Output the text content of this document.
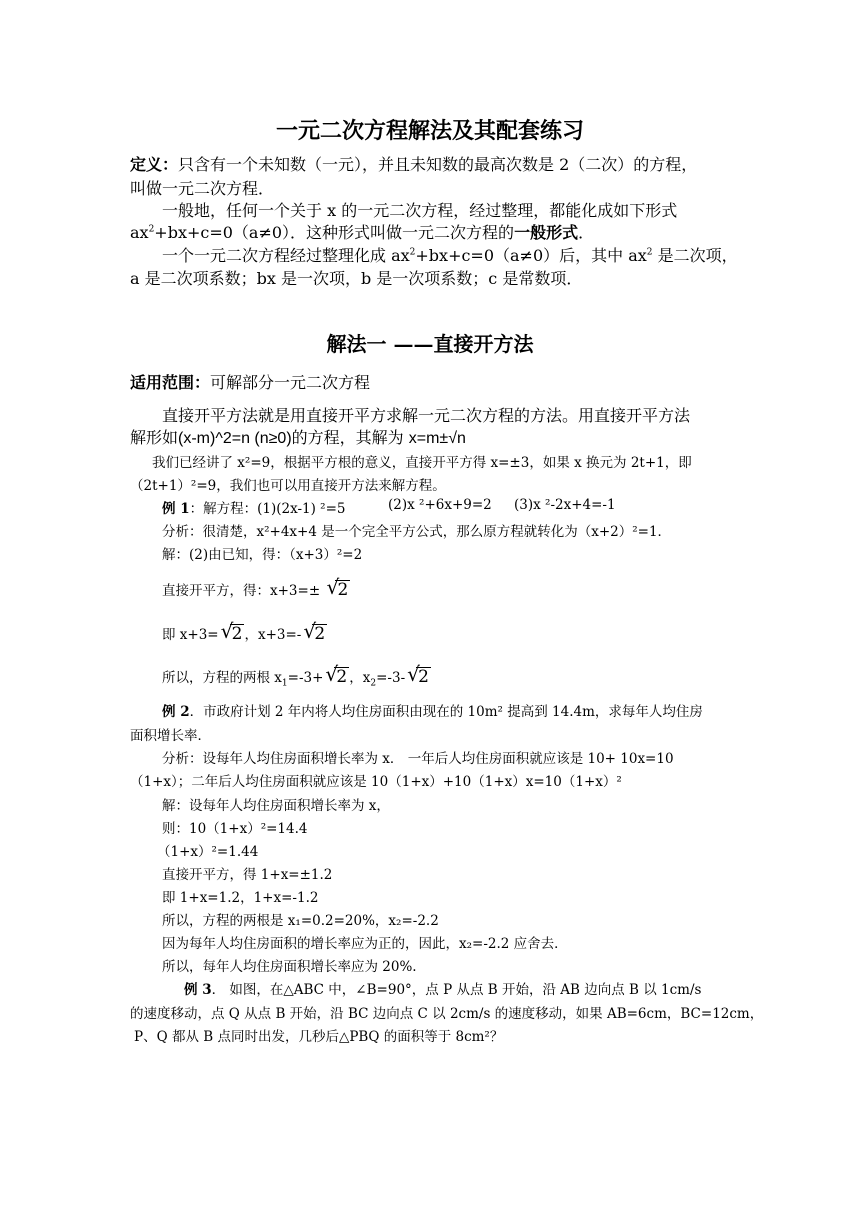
一元二次方程解法及其配套练习
定义：只含有一个未知数（一元），并且未知数的最高次数是 2（二次）的方程，
叫做一元二次方程．
一般地，任何一个关于 x 的一元二次方程，经过整理，都能化成如下形式
$ax^2+bx+c=0(a\ne 0)$．这种形式叫做一元二次方程的一般形式．
一个一元二次方程经过整理化成 $ax^2+bx+c=0(a\ne 0)$后，其中 $ax^2$ 是二次项，
a 是二次项系数；bx 是一次项，b 是一次项系数；c 是常数项．
解法一 ——直接开方法
适用范围：可解部分一元二次方程
直接开平方法就是用直接开平方求解一元二次方程的方法。用直接开平方法
解形如(x-m)^2=n (n≥0)的方程，其解为 x=m±√n
我们已经讲了 x²=9，根据平方根的意义，直接开平方得 x=±3，如果 x 换元为 2t+1，即
（2t+1）²=9，我们也可以用直接开方法来解方程。
例 1：解方程：(1)(2x-1) ²=5	(2)x ²+6x+9=2 (3)x ²-2x+4=-1
分析：很清楚，x²+4x+4 是一个完全平方公式，那么原方程就转化为（x+2）²=1．
解：(2)由已知，得：（x+3）²=2
直接开平方，得：x+3=± √
2
即 x+3= √
2 ，x+3=- √
2
所以，方程的两根 $x_1=-3+$ √
2 ，$x_2=-3-$ √
2
例 2．市政府计划 2 年内将人均住房面积由现在的 10m² 提高到 14.4m，求每年人均住房
面积增长率．
分析：设每年人均住房面积增长率为 x． 一年后人均住房面积就应该是 10+ 10x=10
（1+x）；二年后人均住房面积就应该是 10（1+x）+10（1+x）x=10（1+x）²
解：设每年人均住房面积增长率为 x，
则：10（1+x）²=14.4
（1+x）²=1.44
直接开平方，得 1+x=±1.2
即 1+x=1.2，1+x=-1.2
所以，方程的两根是 x₁=0.2=20%，x₂=-2.2
因为每年人均住房面积的增长率应为正的，因此，x₂=-2.2 应舍去．
所以，每年人均住房面积增长率应为 20%.
例 3． 如图，在△ABC 中，∠B=90°，点 P 从点 B 开始，沿 AB 边向点 B 以 1cm/s
的速度移动，点 Q 从点 B 开始，沿 BC 边向点 C 以 2cm/s 的速度移动，如果 AB=6cm，BC=12cm，
P、Q 都从 B 点同时出发，几秒后△PBQ 的面积等于 8cm²？
